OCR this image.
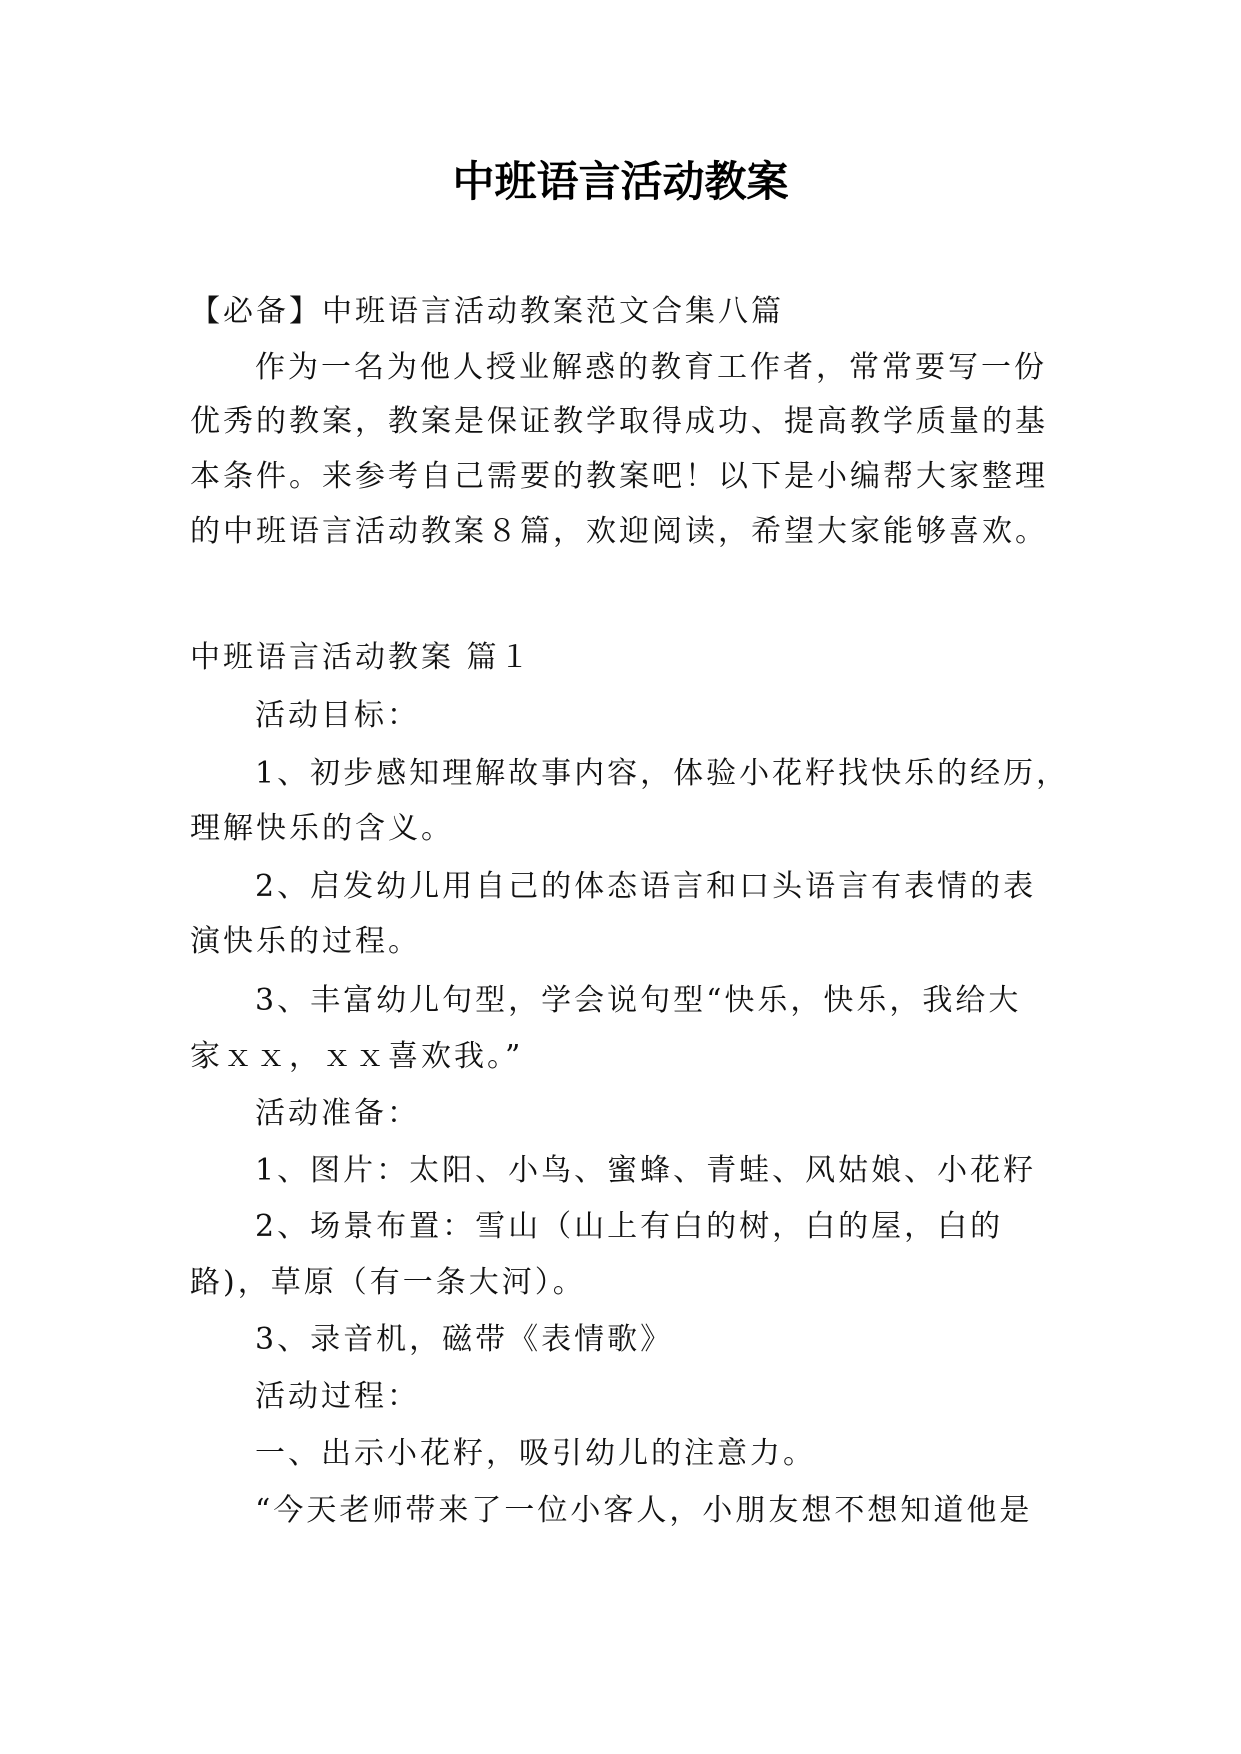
中班语言活动教案
【必备】中班语言活动教案范文合集八篇
作为一名为他人授业解惑的教育工作者，常常要写一份
优秀的教案，教案是保证教学取得成功、提高教学质量的基
本条件。来参考自己需要的教案吧！以下是小编帮大家整理
的中班语言活动教案８篇，欢迎阅读，希望大家能够喜欢。
中班语言活动教案 篇１
活动目标：
1、初步感知理解故事内容，体验小花籽找快乐的经历，
理解快乐的含义。
2、启发幼儿用自己的体态语言和口头语言有表情的表
演快乐的过程。
3、丰富幼儿句型，学会说句型“快乐，快乐，我给大
家ｘｘ，ｘｘ喜欢我。”
活动准备：
1、图片：太阳、小鸟、蜜蜂、青蛙、风姑娘、小花籽
2、场景布置：雪山（山上有白的树，白的屋，白的
路)，草原（有一条大河）。
3、录音机，磁带《表情歌》
活动过程：
一、出示小花籽，吸引幼儿的注意力。
“今天老师带来了一位小客人，小朋友想不想知道他是
